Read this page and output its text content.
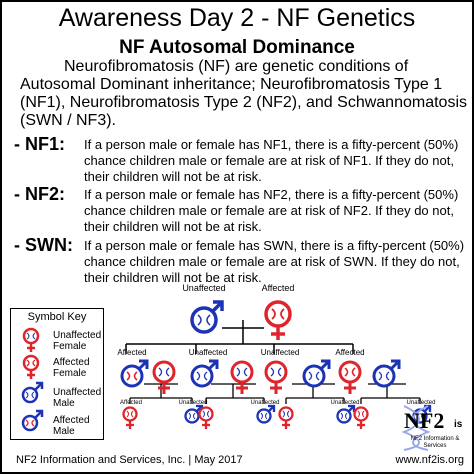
Awareness Day 2 - NF Genetics
NF Autosomal Dominance
Neurofibromatosis (NF) are genetic conditions of Autosomal Dominant inheritance; Neurofibromatosis Type 1 (NF1), Neurofibromatosis Type 2 (NF2), and Schwannomatosis (SWN / NF3).
- NF1: If a person male or female has NF1, there is a fifty-percent (50%) chance children male or female are at risk of NF1. If they do not, their children will not be at risk.
- NF2: If a person male or female has NF2, there is a fifty-percent (50%) chance children male or female are at risk of NF2. If they do not, their children will not be at risk.
- SWN: If a person male or female has SWN, there is a fifty-percent (50%) chance children male or female are at risk of SWN. If they do not, their children will not be at risk.
Symbol Key
Unaffected Female
Affected Female
Unaffected Male
Affected Male
Unaffected	Affected
Affected	Unaffected	Unaffected	Affected
Affected	Unaffected	Unaffected	Unaffected	Unaffected
NF2 is
NF2 Information & Services
NF2 Information and Services, Inc. | May 2017	www.nf2is.org
